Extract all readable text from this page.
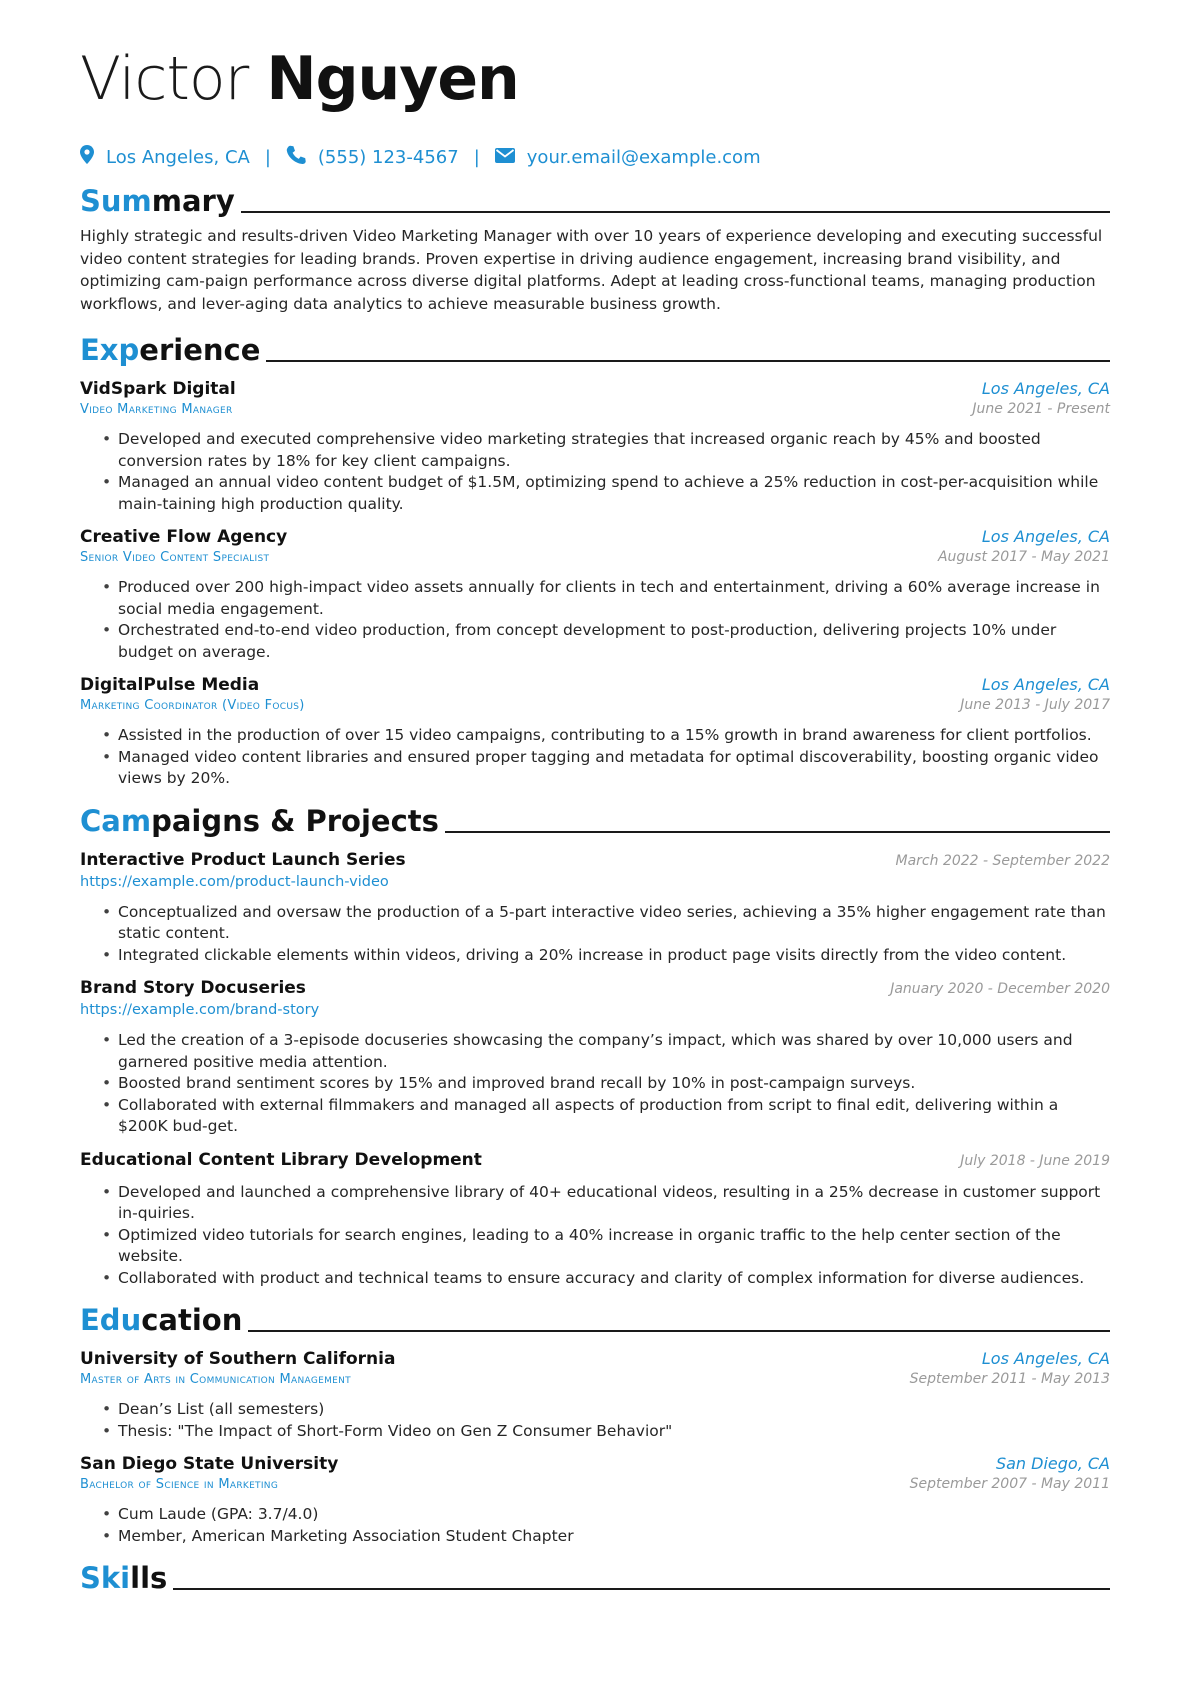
Victor Nguyen
Los Angeles, CA |	(555) 123-4567 |	your.email@example.com
Summary
Highly strategic and results-driven Video Marketing Manager with over 10 years of experience developing and executing successful video content strategies for leading brands. Proven expertise in driving audience engagement, increasing brand visibility, and optimizing cam-paign performance across diverse digital platforms. Adept at leading cross-functional teams, managing production workflows, and lever-aging data analytics to achieve measurable business growth.
Experience
VidSpark Digital	Los Angeles, CA
Video Marketing Manager	June 2021 - Present
• Developed and executed comprehensive video marketing strategies that increased organic reach by 45% and boosted conversion rates by 18% for key client campaigns.
• Managed an annual video content budget of $1.5M, optimizing spend to achieve a 25% reduction in cost-per-acquisition while main-taining high production quality.
Creative Flow Agency	Los Angeles, CA
Senior Video Content Specialist	August 2017 - May 2021
• Produced over 200 high-impact video assets annually for clients in tech and entertainment, driving a 60% average increase in social media engagement.
• Orchestrated end-to-end video production, from concept development to post-production, delivering projects 10% under budget on average.
DigitalPulse Media	Los Angeles, CA
Marketing Coordinator (Video Focus)	June 2013 - July 2017
• Assisted in the production of over 15 video campaigns, contributing to a 15% growth in brand awareness for client portfolios.
• Managed video content libraries and ensured proper tagging and metadata for optimal discoverability, boosting organic video views by 20%.
Campaigns & Projects
Interactive Product Launch Series	March 2022 - September 2022
https://example.com/product-launch-video
• Conceptualized and oversaw the production of a 5-part interactive video series, achieving a 35% higher engagement rate than static content.
• Integrated clickable elements within videos, driving a 20% increase in product page visits directly from the video content.
Brand Story Docuseries	January 2020 - December 2020
https://example.com/brand-story
• Led the creation of a 3-episode docuseries showcasing the company’s impact, which was shared by over 10,000 users and garnered positive media attention.
• Boosted brand sentiment scores by 15% and improved brand recall by 10% in post-campaign surveys.
• Collaborated with external filmmakers and managed all aspects of production from script to final edit, delivering within a $200K bud-get.
Educational Content Library Development	July 2018 - June 2019
• Developed and launched a comprehensive library of 40+ educational videos, resulting in a 25% decrease in customer support in-quiries.
• Optimized video tutorials for search engines, leading to a 40% increase in organic traffic to the help center section of the website.
• Collaborated with product and technical teams to ensure accuracy and clarity of complex information for diverse audiences.
Education
University of Southern California	Los Angeles, CA
Master of Arts in Communication Management	September 2011 - May 2013
• Dean’s List (all semesters)
• Thesis: "The Impact of Short-Form Video on Gen Z Consumer Behavior"
San Diego State University	San Diego, CA
Bachelor of Science in Marketing	September 2007 - May 2011
• Cum Laude (GPA: 3.7/4.0)
• Member, American Marketing Association Student Chapter
Skills
